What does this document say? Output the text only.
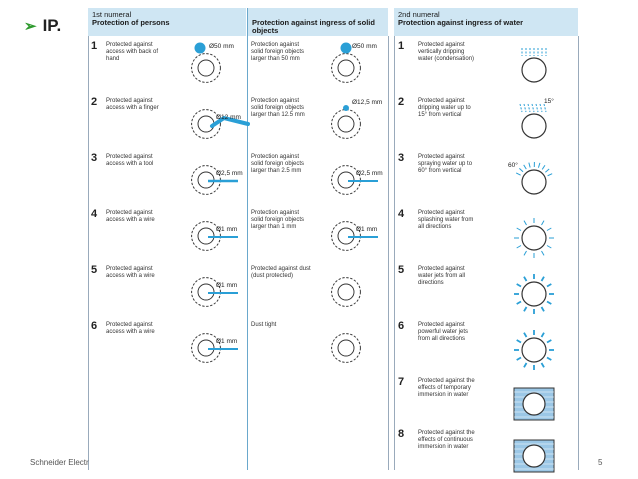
➢ IP.
1st numeral
Protection of persons	Protection against ingress of solid
objects
1 Protected against
access with back of
hand
Ø50 mm	Protection against
solid foreign objects
larger than 50 mm
Ø50 mm
2 Protected against
access with a finger
Ø12 mm
Protection against
solid foreign objects
larger than 12.5 mm
Ø12,5 mm
3 Protected against
access with a tool
Ø2,5 mm
Protection against
solid foreign objects
larger than 2.5 mm	Ø2,5 mm
4 Protected against
access with a wire
Ø1 mm
Protection against
solid foreign objects
larger than 1 mm	Ø1 mm
5 Protected against
access with a wire
Ø1 mm
Protected against dust
(dust protected)
6 Protected against
access with a wire
Ø1 mm
Dust tight
2nd numeral
Protection against ingress of water
1 Protected against
vertically dripping
water (condensation)
2 Protected against
dripping water up to
15° from vertical
15°
3 Protected against
spraying water up to
60° from vertical
60°
4 Protected against
splashing water from
all directions
5 Protected against
water jets from all
directions
6 Protected against
powerful water jets
from all directions
7 Protected against the
effects of temporary
immersion in water
8 Protected against the
effects of continuous
immersion in water
Schneider Electr	5
